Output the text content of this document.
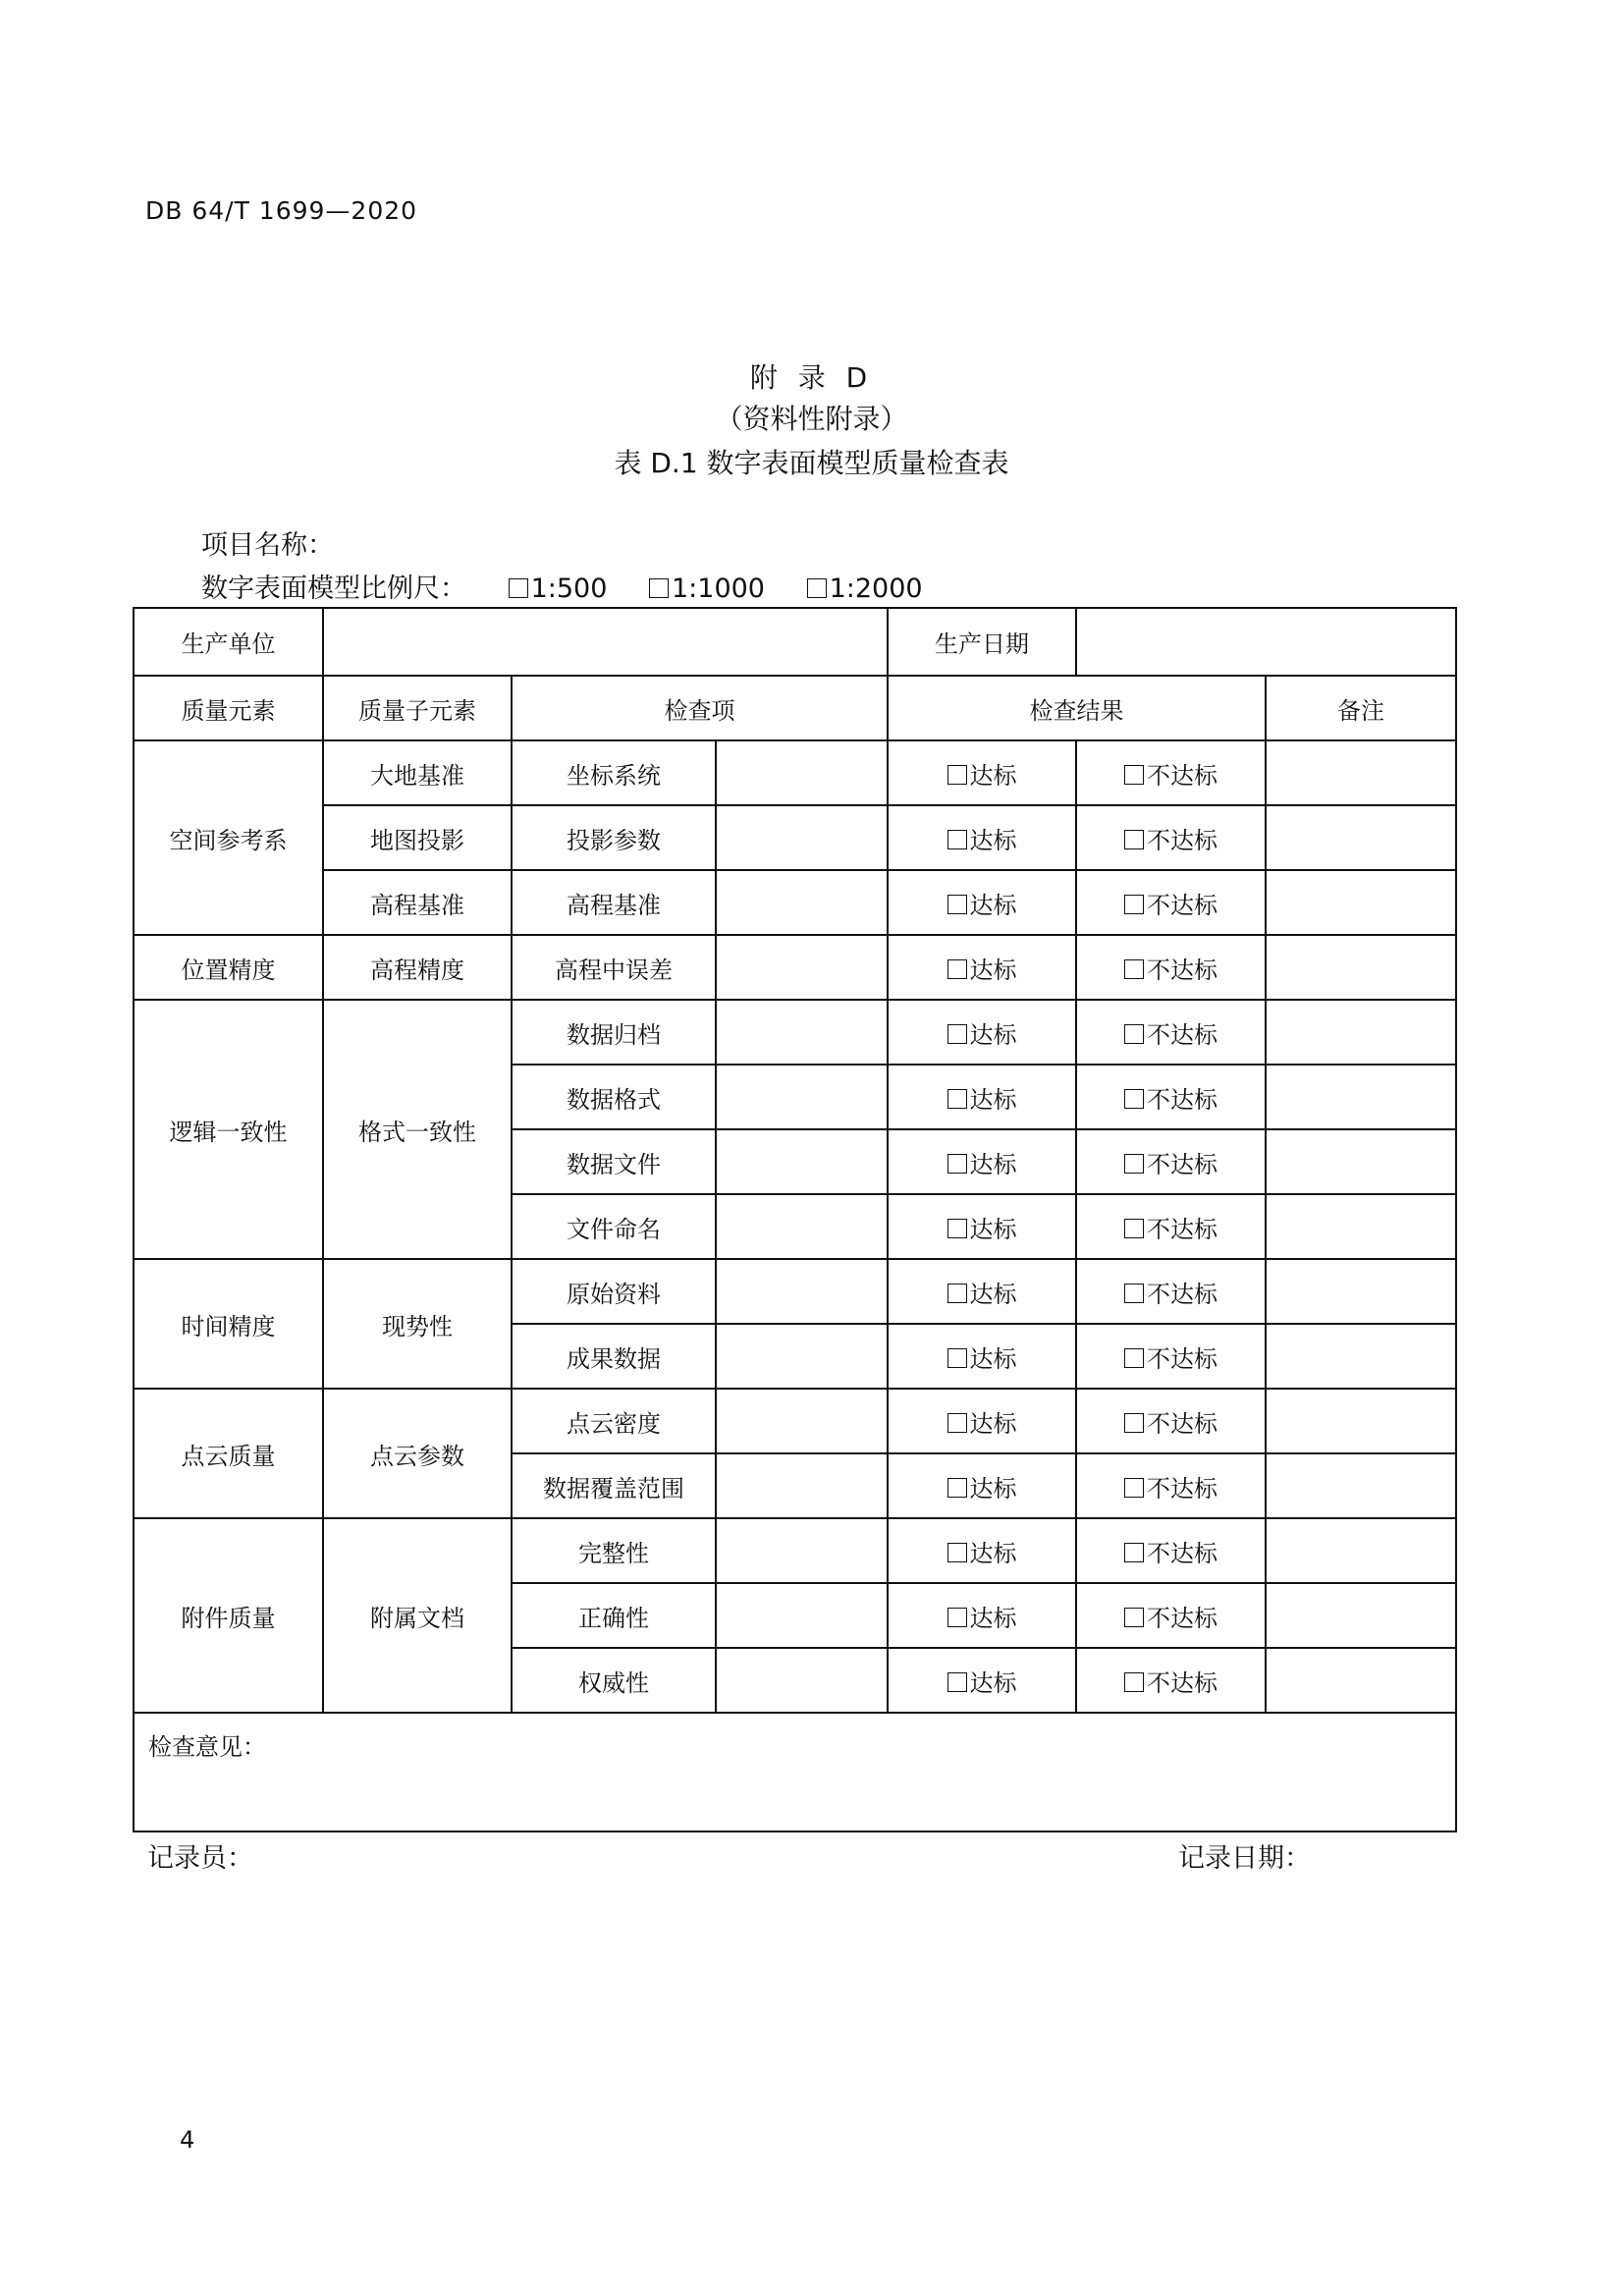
DB 64/T 1699—2020
附 录 D
（资料性附录）
表 D.1 数字表面模型质量检查表
项目名称：
数字表面模型比例尺： 1:500 1:1000 1:2000
生产单位				生产日期		
质量元素	质量子元素	检查项		检查结果		备注
空间参考系	大地基准	坐标系统		达标	不达标	
	地图投影	投影参数		达标	不达标	
	高程基准	高程基准		达标	不达标	
位置精度	高程精度	高程中误差		达标	不达标	
逻辑一致性	格式一致性	数据归档		达标	不达标	
		数据格式		达标	不达标	
		数据文件		达标	不达标	
		文件命名		达标	不达标	
时间精度	现势性	原始资料		达标	不达标	
		成果数据		达标	不达标	
点云质量	点云参数	点云密度		达标	不达标	
		数据覆盖范围		达标	不达标	
附件质量	附属文档	完整性		达标	不达标	
		正确性		达标	不达标	
		权威性		达标	不达标	
检查意见：						
记录员：	记录日期：
4
